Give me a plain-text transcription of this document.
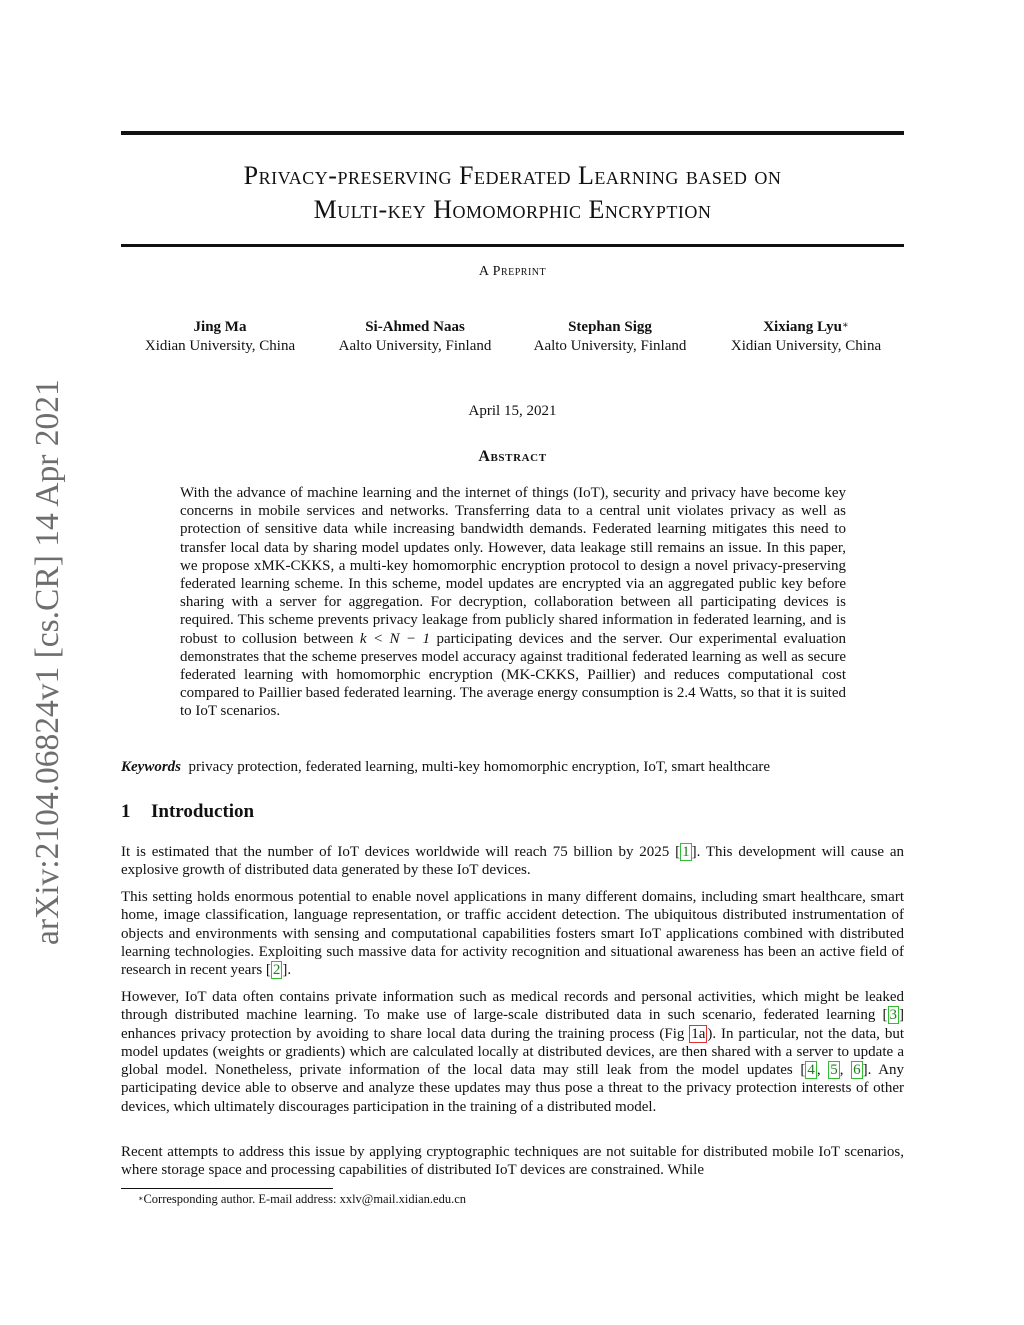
arXiv:2104.06824v1 [cs.CR] 14 Apr 2021
Privacy-preserving Federated Learning based on
Multi-key Homomorphic Encryption
A Preprint
Jing Ma
Xidian University, China
Si-Ahmed Naas
Aalto University, Finland
Stephan Sigg
Aalto University, Finland
Xixiang Lyu∗
Xidian University, China
April 15, 2021
Abstract

With the advance of machine learning and the internet of things (IoT), security and privacy have become key concerns in mobile services and networks. Transferring data to a central unit violates privacy as well as protection of sensitive data while increasing bandwidth demands. Federated learning mitigates this need to transfer local data by sharing model updates only. However, data leakage still remains an issue. In this paper, we propose xMK-CKKS, a multi-key homomorphic encryption protocol to design a novel privacy-preserving federated learning scheme. In this scheme, model updates are encrypted via an aggregated public key before sharing with a server for aggregation. For decryption, collaboration between all participating devices is required. This scheme prevents privacy leakage from publicly shared information in federated learning, and is robust to collusion between k < N − 1 participating devices and the server. Our experimental evaluation demonstrates that the scheme preserves model accuracy against traditional federated learning as well as secure federated learning with homomorphic encryption (MK-CKKS, Paillier) and reduces computational cost compared to Paillier based federated learning. The average energy consumption is 2.4 Watts, so that it is suited to IoT scenarios.

Keywords privacy protection, federated learning, multi-key homomorphic encryption, IoT, smart healthcare
1 Introduction

It is estimated that the number of IoT devices worldwide will reach 75 billion by 2025 [ 1 ]. This development will cause an explosive growth of distributed data generated by these IoT devices.

This setting holds enormous potential to enable novel applications in many different domains, including smart healthcare, smart home, image classification, language representation, or traffic accident detection. The ubiquitous distributed instrumentation of objects and environments with sensing and computational capabilities fosters smart IoT applications combined with distributed learning technologies. Exploiting such massive data for activity recognition and situational awareness has been an active field of research in recent years [ 2 ].

However, IoT data often contains private information such as medical records and personal activities, which might be leaked through distributed machine learning. To make use of large-scale distributed data in such scenario, federated learning [ 3 ] enhances privacy protection by avoiding to share local data during the training process (Fig 1a ). In particular, not the data, but model updates (weights or gradients) which are calculated locally at distributed devices, are then shared with a server to update a global model. Nonetheless, private information of the local data may still leak from the model updates [ 4 , 5 , 6 ]. Any participating device able to observe and analyze these updates may thus pose a threat to the privacy protection interests of other devices, which ultimately discourages participation in the training of a distributed model.

Recent attempts to address this issue by applying cryptographic techniques are not suitable for distributed mobile IoT scenarios, where storage space and processing capabilities of distributed IoT devices are constrained. While

∗Corresponding author. E-mail address: xxlv@mail.xidian.edu.cn
